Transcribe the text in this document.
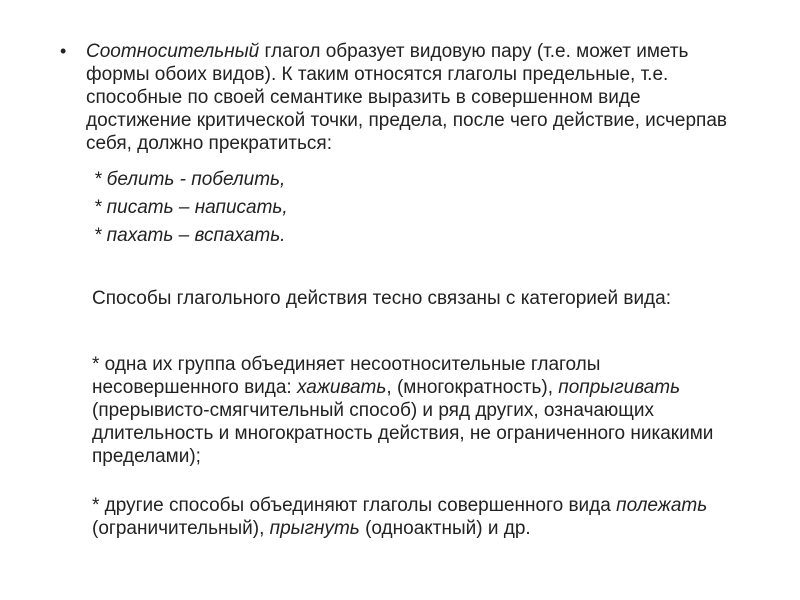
• Соотносительный глагол образует видовую пару (т.е. может иметь формы обоих видов). К таким относятся глаголы предельные, т.е. способные по своей семантике выразить в совершенном виде достижение критической точки, предела, после чего действие, исчерпав себя, должно прекратиться:
* белить - побелить,
* писать – написать,
* пахать – вспахать.
Способы глагольного действия тесно связаны с категорией вида:
* одна их группа объединяет несоотносительные глаголы несовершенного вида: хаживать, (многократность), попрыгивать (прерывисто-смягчительный способ) и ряд других, означающих длительность и многократность действия, не ограниченного никакими пределами);
* другие способы объединяют глаголы совершенного вида полежать (ограничительный), прыгнуть (одноактный) и др.
